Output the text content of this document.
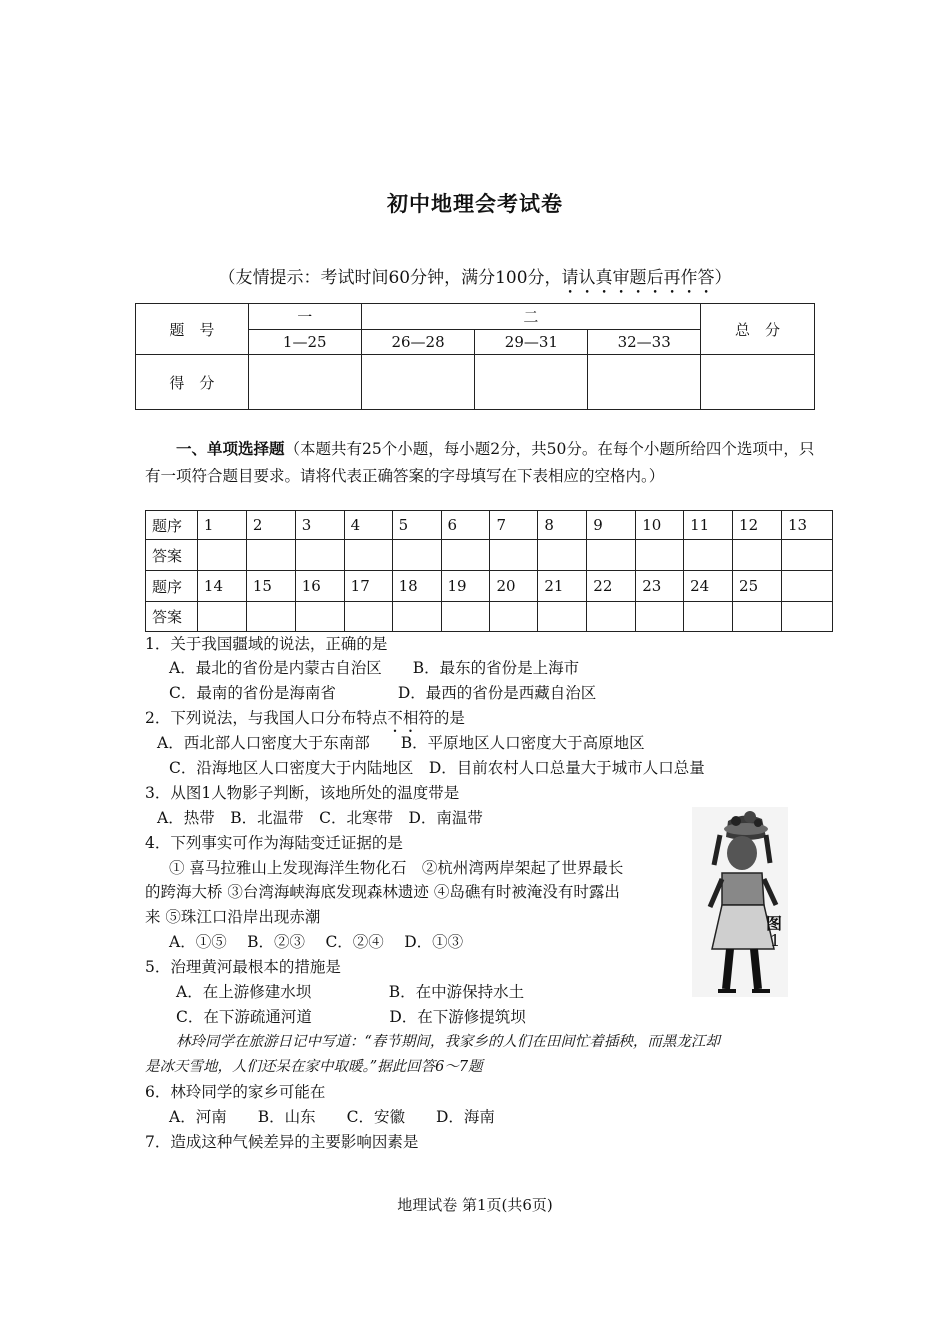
初中地理会考试卷
（友情提示：考试时间60分钟，满分100分，请认真审题后再作答）
题　号	一	二			总　分
	1—25	26—28	29—31	32—33	
得　分					
一、单项选择题（本题共有25个小题，每小题2分，共50分。在每个小题所给四个选项中，只有一项符合题目要求。请将代表正确答案的字母填写在下表相应的空格内。）
题序	1	2	3	4	5	6	7	8	9	10	11	12	13
答案													
题序	14	15	16	17	18	19	20	21	22	23	24	25	
答案													
1．关于我国疆域的说法，正确的是
A．最北的省份是内蒙古自治区　　B．最东的省份是上海市
C．最南的省份是海南省　　　　D．最西的省份是西藏自治区
2．下列说法，与我国人口分布特点不相符的是
A．西北部人口密度大于东南部　　B．平原地区人口密度大于高原地区
C．沿海地区人口密度大于内陆地区　D．目前农村人口总量大于城市人口总量
3．从图1人物影子判断，该地所处的温度带是
A．热带　B．北温带　C．北寒带　D．南温带
4．下列事实可作为海陆变迁证据的是
① 喜马拉雅山上发现海洋生物化石　②杭州湾两岸架起了世界最长
的跨海大桥 ③台湾海峡海底发现森林遗迹 ④岛礁有时被淹没有时露出
来 ⑤珠江口沿岸出现赤潮
A．①⑤　 B．②③　 C．②④　 D．①③
5．治理黄河最根本的措施是
A．在上游修建水坝　　　　　B．在中游保持水土
C．在下游疏通河道　　　　　D．在下游修提筑坝
林玲同学在旅游日记中写道：“春节期间，我家乡的人们在田间忙着插秧，而黑龙江却
是冰天雪地，人们还呆在家中取暖。”据此回答6～7题
6．林玲同学的家乡可能在
A．河南　　B．山东　　C．安徽　　D．海南
7．造成这种气候差异的主要影响因素是
图
1
地理试卷 第1页(共6页)
